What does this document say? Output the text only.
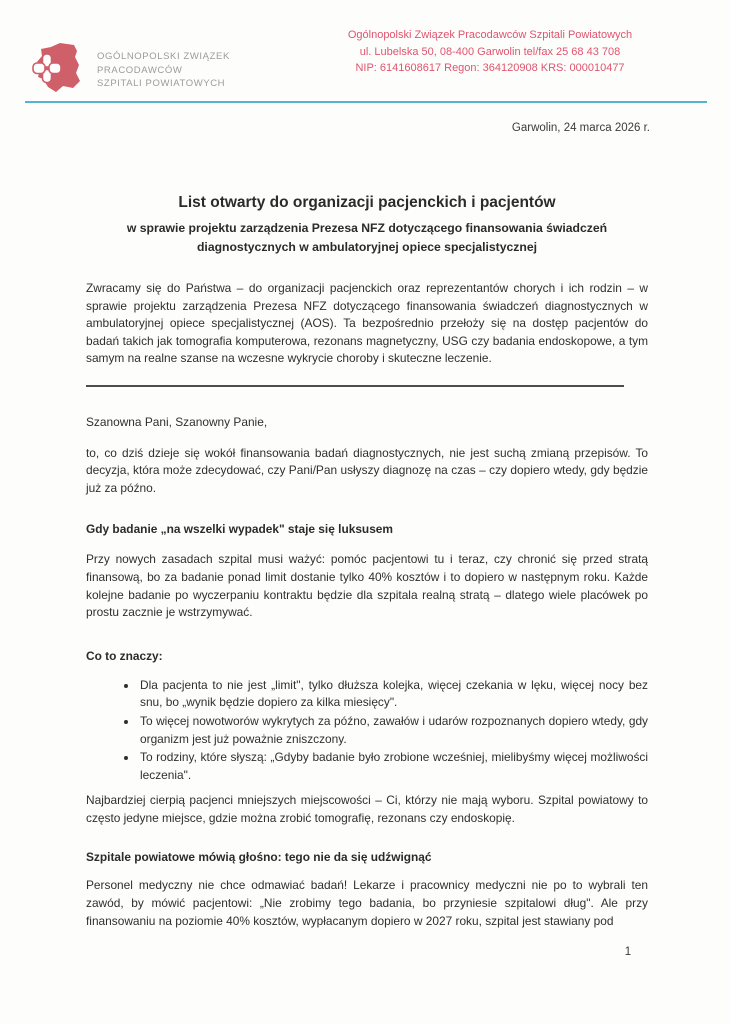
OGÓLNOPOLSKI ZWIĄZEK
PRACODAWCÓW
SZPITALI POWIATOWYCH
Ogólnopolski Związek Pracodawców Szpitali Powiatowych
ul. Lubelska 50, 08-400 Garwolin tel/fax 25 68 43 708
NIP: 6141608617 Regon: 364120908 KRS: 000010477
Garwolin, 24 marca 2026 r.
List otwarty do organizacji pacjenckich i pacjentów
w sprawie projektu zarządzenia Prezesa NFZ dotyczącego finansowania świadczeń diagnostycznych w ambulatoryjnej opiece specjalistycznej

Zwracamy się do Państwa – do organizacji pacjenckich oraz reprezentantów chorych i ich rodzin – w sprawie projektu zarządzenia Prezesa NFZ dotyczącego finansowania świadczeń diagnostycznych w ambulatoryjnej opiece specjalistycznej (AOS). Ta bezpośrednio przełoży się na dostęp pacjentów do badań takich jak tomografia komputerowa, rezonans magnetyczny, USG czy badania endoskopowe, a tym samym na realne szanse na wczesne wykrycie choroby i skuteczne leczenie.

Szanowna Pani, Szanowny Panie,

to, co dziś dzieje się wokół finansowania badań diagnostycznych, nie jest suchą zmianą przepisów. To decyzja, która może zdecydować, czy Pani/Pan usłyszy diagnozę na czas – czy dopiero wtedy, gdy będzie już za późno.

Gdy badanie „na wszelki wypadek" staje się luksusem

Przy nowych zasadach szpital musi ważyć: pomóc pacjentowi tu i teraz, czy chronić się przed stratą finansową, bo za badanie ponad limit dostanie tylko 40% kosztów i to dopiero w następnym roku. Każde kolejne badanie po wyczerpaniu kontraktu będzie dla szpitala realną stratą – dlatego wiele placówek po prostu zacznie je wstrzymywać.

Co to znaczy:
• Dla pacjenta to nie jest „limit", tylko dłuższa kolejka, więcej czekania w lęku, więcej nocy bez snu, bo „wynik będzie dopiero za kilka miesięcy".
• To więcej nowotworów wykrytych za późno, zawałów i udarów rozpoznanych dopiero wtedy, gdy organizm jest już poważnie zniszczony.
• To rodziny, które słyszą: „Gdyby badanie było zrobione wcześniej, mielibyśmy więcej możliwości leczenia".

Najbardziej cierpią pacjenci mniejszych miejscowości – Ci, którzy nie mają wyboru. Szpital powiatowy to często jedyne miejsce, gdzie można zrobić tomografię, rezonans czy endoskopię.

Szpitale powiatowe mówią głośno: tego nie da się udźwignąć

Personel medyczny nie chce odmawiać badań! Lekarze i pracownicy medyczni nie po to wybrali ten zawód, by mówić pacjentowi: „Nie zrobimy tego badania, bo przyniesie szpitalowi dług". Ale przy finansowaniu na poziomie 40% kosztów, wypłacanym dopiero w 2027 roku, szpital jest stawiany pod

1
